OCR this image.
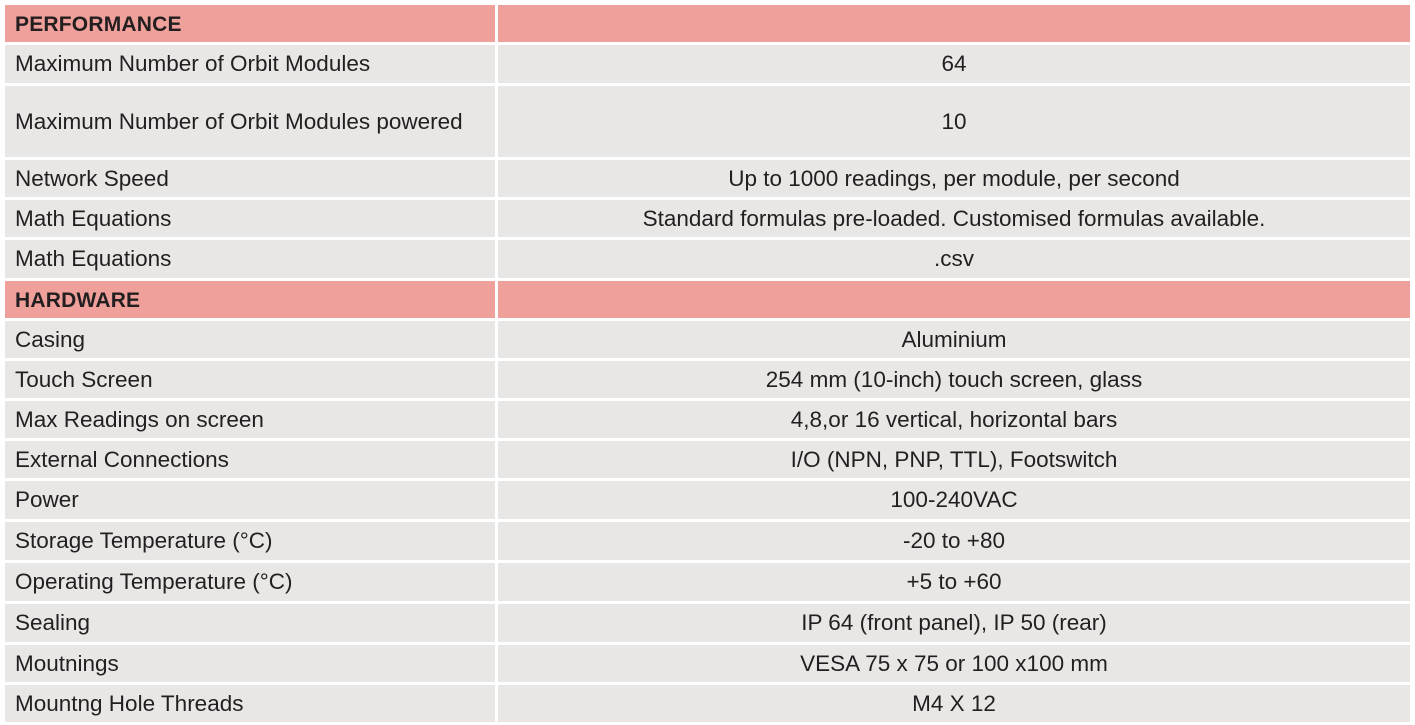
PERFORMANCE
Maximum Number of Orbit Modules	64
Maximum Number of Orbit Modules powered	10
Network Speed	Up to 1000 readings, per module, per second
Math Equations	Standard formulas pre-loaded. Customised formulas available.
Math Equations	.csv
HARDWARE
Casing	Aluminium
Touch Screen	254 mm (10-inch) touch screen, glass
Max Readings on screen	4,8,or 16 vertical, horizontal bars
External Connections	I/O (NPN, PNP, TTL), Footswitch
Power	100-240VAC
Storage Temperature (°C)	-20 to +80
Operating Temperature (°C)	+5 to +60
Sealing	IP 64 (front panel), IP 50 (rear)
Moutnings	VESA 75 x 75 or 100 x100 mm
Mountng Hole Threads	M4 X 12
